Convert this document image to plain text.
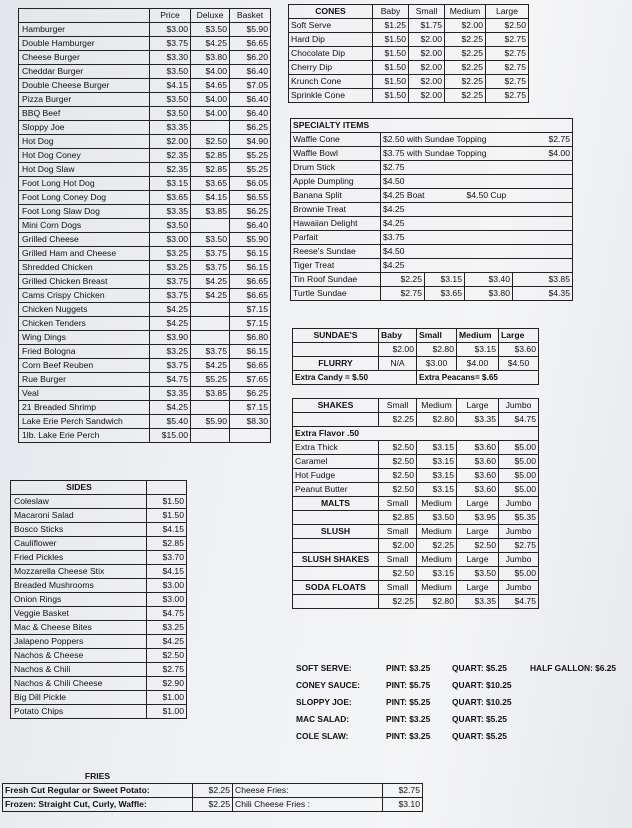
	Price	Deluxe	Basket
Hamburger	$3.00	$3.50	$5.90
Double Hamburger	$3.75	$4.25	$6.65
Cheese Burger	$3.30	$3.80	$6.20
Cheddar Burger	$3.50	$4.00	$6.40
Double Cheese Burger	$4.15	$4.65	$7.05
Pizza Burger	$3.50	$4.00	$6.40
BBQ Beef	$3.50	$4.00	$6.40
Sloppy Joe	$3.35		$6.25
Hot Dog	$2.00	$2.50	$4.90
Hot Dog Coney	$2.35	$2.85	$5.25
Hot Dog Slaw	$2.35	$2.85	$5.25
Foot Long Hot Dog	$3.15	$3.65	$6.05
Foot Long Coney Dog	$3.65	$4.15	$6.55
Foot Long Slaw Dog	$3.35	$3.85	$6.25
Mini Corn Dogs	$3.50		$6.40
Grilled Cheese	$3.00	$3.50	$5.90
Grilled Ham and Cheese	$3.25	$3.75	$6.15
Shredded Chicken	$3.25	$3.75	$6.15
Grilled Chicken Breast	$3.75	$4.25	$6.65
Cams Crispy Chicken	$3.75	$4.25	$6.65
Chicken Nuggets	$4.25		$7.15
Chicken Tenders	$4.25		$7.15
Wing Dings	$3.90		$6.80
Fried Bologna	$3.25	$3.75	$6.15
Corn Beef Reuben	$3.75	$4.25	$6.65
Rue Burger	$4.75	$5.25	$7.65
Veal	$3.35	$3.85	$6.25
21 Breaded Shrimp	$4.25		$7.15
Lake Erie Perch Sandwich	$5.40	$5.90	$8.30
1lb. Lake Erie Perch	$15.00		
SIDES	
Coleslaw	$1.50
Macaroni Salad	$1.50
Bosco Sticks	$4.15
Cauliflower	$2.85
Fried Pickles	$3.70
Mozzarella Cheese Stix	$4.15
Breaded Mushrooms	$3.00
Onion Rings	$3.00
Veggie Basket	$4.75
Mac & Cheese Bites	$3.25
Jalapeno Poppers	$4.25
Nachos & Cheese	$2.50
Nachos & Chili	$2.75
Nachos & Chili Cheese	$2.90
Big Dill Pickle	$1.00
Potato Chips	$1.00
FRIES			
Fresh Cut Regular or Sweet Potato:	$2.25	Cheese Fries:	$2.75
Frozen: Straight Cut, Curly, Waffle:	$2.25	Chili Cheese Fries :	$3.10
CONES	Baby	Small	Medium	Large
Soft Serve	$1.25	$1.75	$2.00	$2.50
Hard Dip	$1.50	$2.00	$2.25	$2.75
Chocolate Dip	$1.50	$2.00	$2.25	$2.75
Cherry Dip	$1.50	$2.00	$2.25	$2.75
Krunch Cone	$1.50	$2.00	$2.25	$2.75
Sprinkle Cone	$1.50	$2.00	$2.25	$2.75
SPECIALTY ITEMS				
Waffle Cone	$2.50 with Sundae Topping			$2.75
Waffle Bowl	$3.75 with Sundae Topping			$4.00
Drum Stick	$2.75			
Apple Dumpling	$4.50			
Banana Split	$4.25 Boat		$4.50 Cup	
Brownie Treat	$4.25			
Hawaiian Delight	$4.25			
Parfait	$3.75			
Reese's Sundae	$4.50			
Tiger Treat	$4.25			
Tin Roof Sundae	$2.25	$3.15	$3.40	$3.85
Turtle Sundae	$2.75	$3.65	$3.80	$4.35
SUNDAE'S	Baby	Small	Medium	Large
	$2.00	$2.80	$3.15	$3.60
FLURRY	N/A	$3.00	$4.00	$4.50
Extra Candy = $.50		Extra Peacans= $.65		

SHAKES	Small	Medium	Large	Jumbo
	$2.25	$2.80	$3.35	$4.75
Extra Flavor .50				
Extra Thick	$2.50	$3.15	$3.60	$5.00
Caramel	$2.50	$3.15	$3.60	$5.00
Hot Fudge	$2.50	$3.15	$3.60	$5.00
Peanut Butter	$2.50	$3.15	$3.60	$5.00
MALTS	Small	Medium	Large	Jumbo
	$2.85	$3.50	$3.95	$5.35
SLUSH	Small	Medium	Large	Jumbo
	$2.00	$2.25	$2.50	$2.75
SLUSH SHAKES	Small	Medium	Large	Jumbo
	$2.50	$3.15	$3.50	$5.00
SODA FLOATS	Small	Medium	Large	Jumbo
	$2.25	$2.80	$3.35	$4.75
SOFT SERVE:	PINT: $3.25	QUART: $5.25	HALF GALLON: $6.25
CONEY SAUCE:	PINT: $5.75	QUART: $10.25	
SLOPPY JOE:	PINT: $5.25	QUART: $10.25	
MAC SALAD:	PINT: $3.25	QUART: $5.25	
COLE SLAW:	PINT: $3.25	QUART: $5.25	
